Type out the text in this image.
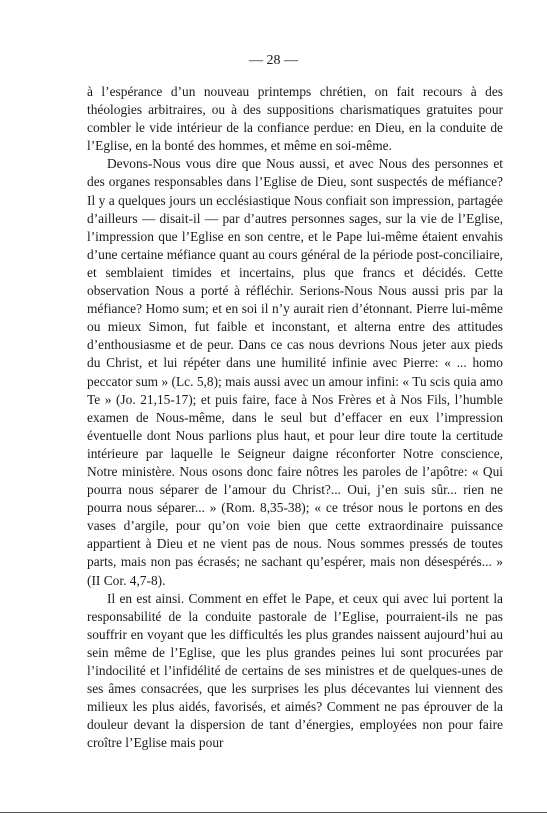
— 28 —

à l’espérance d’un nouveau printemps chrétien, on fait recours à des théologies arbitraires, ou à des suppositions charismatiques gratuites pour combler le vide intérieur de la confiance perdue: en Dieu, en la conduite de l’Eglise, en la bonté des hommes, et même en soi-même.

Devons-Nous vous dire que Nous aussi, et avec Nous des personnes et des organes responsables dans l’Eglise de Dieu, sont suspectés de méfiance? Il y a quelques jours un ecclésiastique Nous confiait son impression, partagée d’ailleurs — disait-il — par d’autres personnes sages, sur la vie de l’Eglise, l’impression que l’Eglise en son centre, et le Pape lui-même étaient envahis d’une certaine méfiance quant au cours général de la période post-conciliaire, et semblaient timides et incertains, plus que francs et décidés. Cette observation Nous a porté à réfléchir. Serions-Nous Nous aussi pris par la méfiance? Homo sum; et en soi il n’y aurait rien d’étonnant. Pierre lui-même ou mieux Simon, fut faible et inconstant, et alterna entre des attitudes d’enthousiasme et de peur. Dans ce cas nous devrions Nous jeter aux pieds du Christ, et lui répéter dans une humilité infinie avec Pierre: « ... homo peccator sum » (Lc. 5,8); mais aussi avec un amour infini: « Tu scis quia amo Te » (Jo. 21,15-17); et puis faire, face à Nos Frères et à Nos Fils, l’humble examen de Nous-même, dans le seul but d’effacer en eux l’impression éventuelle dont Nous parlions plus haut, et pour leur dire toute la certitude intérieure par laquelle le Seigneur daigne réconforter Notre conscience, Notre ministère. Nous osons donc faire nôtres les paroles de l’apôtre: « Qui pourra nous séparer de l’amour du Christ?... Oui, j’en suis sûr... rien ne pourra nous séparer... » (Rom. 8,35-38); « ce trésor nous le portons en des vases d’argile, pour qu’on voie bien que cette extraordinaire puissance appartient à Dieu et ne vient pas de nous. Nous sommes pressés de toutes parts, mais non pas écrasés; ne sachant qu’espérer, mais non désespérés... » (II Cor. 4,7-8).

Il en est ainsi. Comment en effet le Pape, et ceux qui avec lui portent la responsabilité de la conduite pastorale de l’Eglise, pourraient-ils ne pas souffrir en voyant que les difficultés les plus grandes naissent aujourd’hui au sein même de l’Eglise, que les plus grandes peines lui sont procurées par l’indocilité et l’infidélité de certains de ses ministres et de quelques-unes de ses âmes consacrées, que les surprises les plus décevantes lui viennent des milieux les plus aidés, favorisés, et aimés? Comment ne pas éprouver de la douleur devant la dispersion de tant d’énergies, employées non pour faire croître l’Eglise mais pour
